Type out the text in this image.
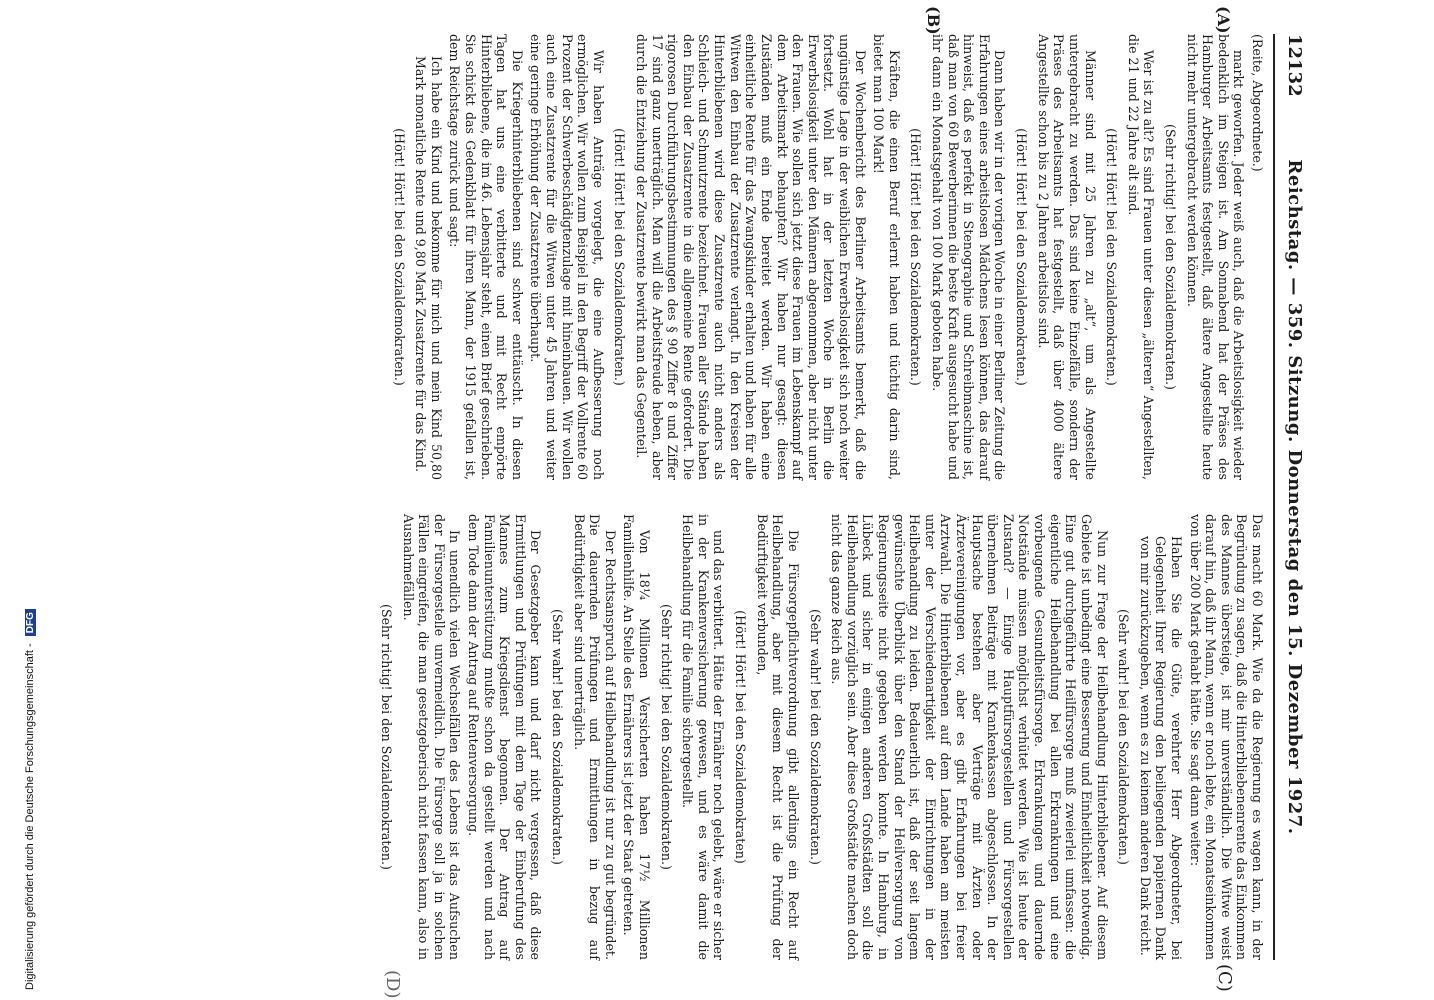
12132
Reichstag. — 359. Sitzung. Donnerstag den 15. Dezember 1927.

(Reite, Abgeordnete.)

markt geworfen. Jeder weiß auch, daß die Arbeitslosigkeit wieder bedenklich im Steigen ist. Am Sonnabend hat der Präses des Hamburger Arbeitsamts festgestellt, daß ältere Angestellte heute nicht mehr untergebracht werden können.

(Sehr richtig! bei den Sozialdemokraten.)

Wer ist zu alt? Es sind Frauen unter diesen „älteren“ Angestellten, die 21 und 22 Jahre alt sind.

(Hört! Hört! bei den Sozialdemokraten.)

Männer sind mit 25 Jahren zu „alt“, um als Angestellte untergebracht zu werden. Das sind keine Einzelfälle, sondern der Präses des Arbeitsamts hat festgestellt, daß über 4000 ältere Angestellte schon bis zu 2 Jahren arbeitslos sind.

(Hört! Hört! bei den Sozialdemokraten.)

Dann haben wir in der vorigen Woche in einer Berliner Zeitung die Erfahrungen eines arbeitslosen Mädchens lesen können, das darauf hinweist, daß es perfekt in Stenographie und Schreibmaschine ist, daß man von 60 Bewerberinnen die beste Kraft ausgesucht habe und ihr dann ein Monatsgehalt von 100 Mark geboten habe.

(Hört! Hört! bei den Sozialdemokraten.)

Kräften, die einen Beruf erlernt haben und tüchtig darin sind, bietet man 100 Mark!

Der Wochenbericht des Berliner Arbeitsamts bemerkt, daß die ungünstige Lage in der weiblichen Erwerbslosigkeit sich noch weiter fortsetzt. Wohl hat in der letzten Woche in Berlin die Erwerbslosigkeit unter den Männern abgenommen, aber nicht unter den Frauen. Wie sollen sich jetzt diese Frauen im Lebenskampf auf dem Arbeitsmarkt behaupten? Wir haben nur gesagt: diesen Zuständen muß ein Ende bereitet werden. Wir haben eine einheitliche Rente für das Zwangskinder erhalten und haben für alle Witwen den Einbau der Zusatzrente verlangt. In den Kreisen der Hinterbliebenen wird diese Zusatzrente auch nicht anders als Schleich- und Schmutzrente bezeichnet. Frauen aller Stände haben den Einbau der Zusatzrente in die allgemeine Rente gefordert. Die rigorosen Durchführungsbestimmungen des § 90 Ziffer 8 und Ziffer 17 sind ganz unerträglich. Man will die Arbeitsfreude heben, aber durch die Entziehung der Zusatzrente bewirkt man das Gegenteil.

(Hört! Hört! bei den Sozialdemokraten.)

Wir haben Anträge vorgelegt, die eine Aufbesserung noch ermöglichen. Wir wollen zum Beispiel in den Begriff der Vollrente 60 Prozent der Schwerbeschädigtenzulage mit hineinbauen. Wir wollen auch eine Zusatzrente für die Witwen unter 45 Jahren und weiter eine geringe Erhöhung der Zusatzrente überhaupt.

Die Kriegerhinterbliebenen sind schwer enttäuscht. In diesen Tagen hat uns eine verbitterte und mit Recht empörte Hinterbliebene, die im 46. Lebensjahr steht, einen Brief geschrieben. Sie schickt das Gedenkblatt für ihren Mann, der 1915 gefallen ist, dem Reichstage zurück und sagt:

Ich habe ein Kind und bekomme für mich und mein Kind 50,80 Mark monatliche Rente und 9,80 Mark Zusatzrente für das Kind.

(Hört! Hört! bei den Sozialdemokraten.)

Das macht 60 Mark. Wie da die Regierung es wagen kann, in der Begründung zu sagen, daß die Hinterbliebenenrente das Einkommen des Mannes übersteige, ist mir unverständlich. Die Witwe weist darauf hin, daß ihr Mann, wenn er noch lebte, ein Monatseinkommen von über 200 Mark gehabt hätte. Sie sagt dann weiter:

Haben Sie die Güte, verehrter Herr Abgeordneter, bei Gelegenheit Ihrer Regierung den beiliegenden papiernen Dank von mir zurückzugeben, wenn es zu keinem anderen Dank reicht.

(Sehr wahr! bei den Sozialdemokraten.)

Nun zur Frage der Heilbehandlung Hinterbliebener. Auf diesem Gebiete ist unbedingt eine Besserung und Einheitlichkeit notwendig. Eine gut durchgeführte Heilfürsorge muß zweierlei umfassen: die eigentliche Heilbehandlung bei allen Erkrankungen und eine vorbeugende Gesundheitsfürsorge. Erkrankungen und dauernde Notstände müssen möglichst verhütet werden. Wie ist heute der Zustand? — Einige Hauptfürsorgestellen und Fürsorgestellen übernehmen Beiträge mit Krankenkassen abgeschlossen. In der Hauptsache bestehen aber Verträge mit Ärzten oder Ärztevereinigungen vor, aber es gibt Erfahrungen bei freier Arztwahl. Die Hinterbliebenen auf dem Lande haben am meisten unter der Verschiedenartigkeit der Einrichtungen in der Heilbehandlung zu leiden. Bedauerlich ist, daß der seit langem gewünschte Überblick über den Stand der Heilversorgung von Regierungsseite nicht gegeben werden konnte. In Hamburg, in Lübeck und sicher in einigen anderen Großstädten soll die Heilbehandlung vorzüglich sein. Aber diese Großstädte machen doch nicht das ganze Reich aus.

(Sehr wahr! bei den Sozialdemokraten.)

Die Fürsorgepflichtverordnung gibt allerdings ein Recht auf Heilbehandlung, aber mit diesem Recht ist die Prüfung der Bedürftigkeit verbunden,

(Hört! Hört! bei den Sozialdemokraten)

und das verbittert. Hätte der Ernährer noch gelebt, wäre er sicher in der Krankenversicherung gewesen, und es wäre damit die Heilbehandlung für die Familie sichergestellt.

(Sehr richtig! bei den Sozialdemokraten.)

Von 18¼ Millionen Versicherten haben 17½ Millionen Familienhilfe. An Stelle des Ernährers ist jetzt der Staat getreten.

Der Rechtsanspruch auf Heilbehandlung ist nur zu gut begründet. Die dauernden Prüfungen und Ermittlungen in bezug auf Bedürftigkeit aber sind unerträglich.

(Sehr wahr! bei den Sozialdemokraten.)

Der Gesetzgeber kann und darf nicht vergessen, daß diese Ermittlungen und Prüfungen mit dem Tage der Einberufung des Mannes zum Kriegsdienst begonnen. Der Antrag auf Familienunterstützung mußte schon da gestellt werden und nach dem Tode dann der Antrag auf Rentenversorgung.

In unendlich vielen Wechselfällen des Lebens ist das Aufsuchen der Fürsorgestelle unvermeidlich. Die Fürsorge soll ja in solchen Fällen eingreifen, die man gesetzgeberisch nicht fassen kann, also in Ausnahmefällen.

(Sehr richtig! bei den Sozialdemokraten.)

(A)
(B)
(C)
(D)
Digitalisierung gefördert durch die Deutsche Forschungsgemeinschaft - DFG
